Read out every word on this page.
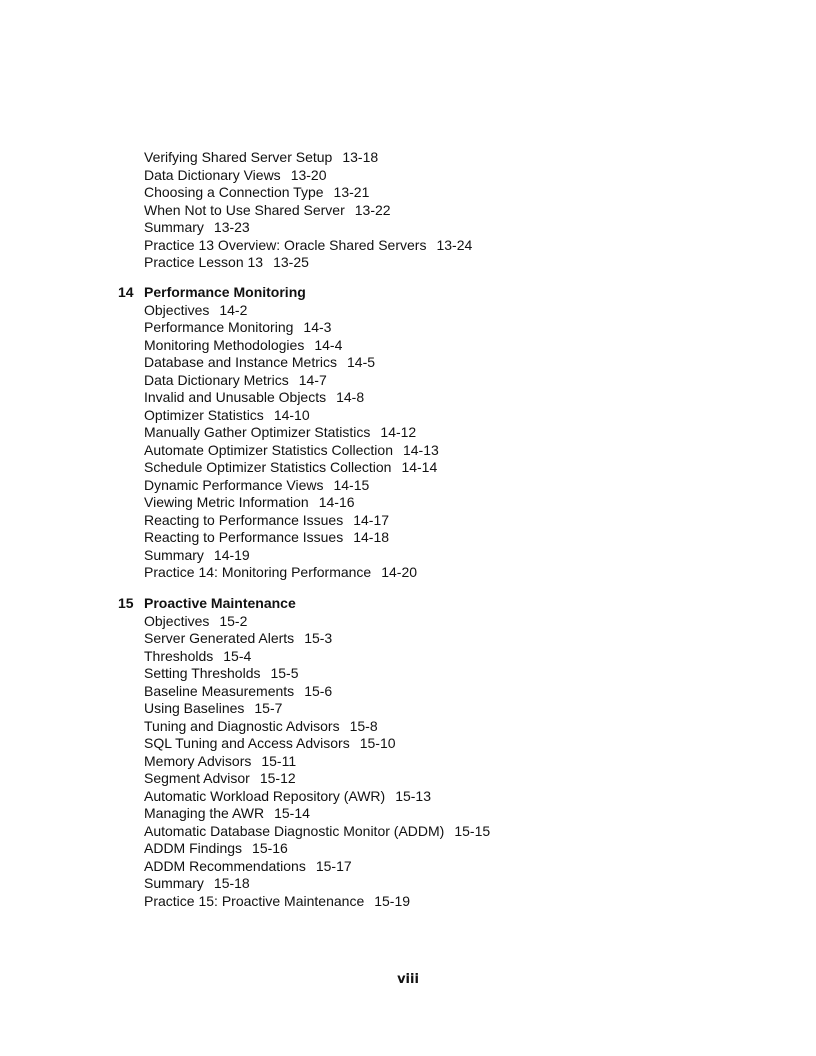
Verifying Shared Server Setup 13-18
Data Dictionary Views 13-20
Choosing a Connection Type 13-21
When Not to Use Shared Server 13-22
Summary 13-23
Practice 13 Overview: Oracle Shared Servers 13-24
Practice Lesson 13 13-25
14 Performance Monitoring
Objectives 14-2
Performance Monitoring 14-3
Monitoring Methodologies 14-4
Database and Instance Metrics 14-5
Data Dictionary Metrics 14-7
Invalid and Unusable Objects 14-8
Optimizer Statistics 14-10
Manually Gather Optimizer Statistics 14-12
Automate Optimizer Statistics Collection 14-13
Schedule Optimizer Statistics Collection 14-14
Dynamic Performance Views 14-15
Viewing Metric Information 14-16
Reacting to Performance Issues 14-17
Reacting to Performance Issues 14-18
Summary 14-19
Practice 14: Monitoring Performance 14-20
15 Proactive Maintenance
Objectives 15-2
Server Generated Alerts 15-3
Thresholds 15-4
Setting Thresholds 15-5
Baseline Measurements 15-6
Using Baselines 15-7
Tuning and Diagnostic Advisors 15-8
SQL Tuning and Access Advisors 15-10
Memory Advisors 15-11
Segment Advisor 15-12
Automatic Workload Repository (AWR) 15-13
Managing the AWR 15-14
Automatic Database Diagnostic Monitor (ADDM) 15-15
ADDM Findings 15-16
ADDM Recommendations 15-17
Summary 15-18
Practice 15: Proactive Maintenance 15-19
viii
